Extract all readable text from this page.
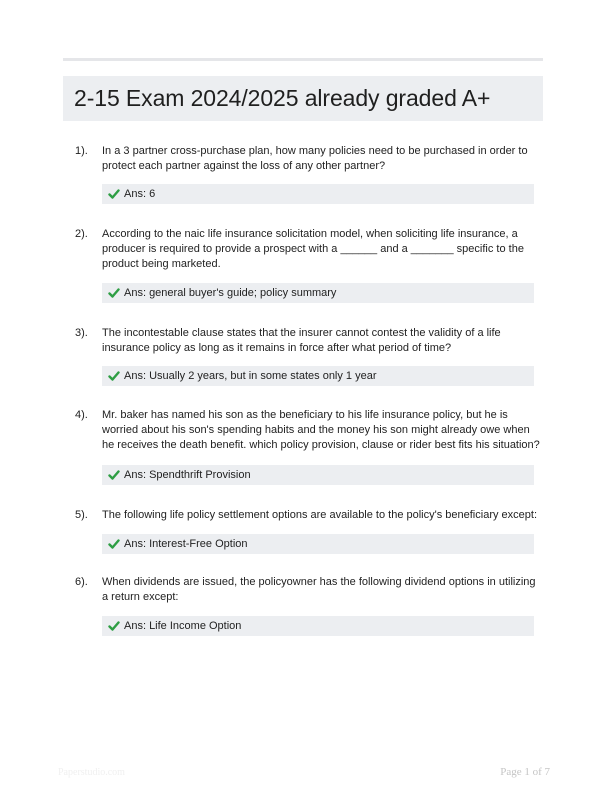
2-15 Exam 2024/2025 already graded A+
1). In a 3 partner cross-purchase plan, how many policies need to be purchased in order to protect each partner against the loss of any other partner?
Ans: 6
2). According to the naic life insurance solicitation model, when soliciting life insurance, a producer is required to provide a prospect with a ______ and a _______ specific to the product being marketed.
Ans: general buyer's guide; policy summary
3). The incontestable clause states that the insurer cannot contest the validity of a life insurance policy as long as it remains in force after what period of time?
Ans: Usually 2 years, but in some states only 1 year
4). Mr. baker has named his son as the beneficiary to his life insurance policy, but he is worried about his son's spending habits and the money his son might already owe when he receives the death benefit. which policy provision, clause or rider best fits his situation?
Ans: Spendthrift Provision
5). The following life policy settlement options are available to the policy's beneficiary except:
Ans: Interest-Free Option
6). When dividends are issued, the policyowner has the following dividend options in utilizing a return except:
Ans: Life Income Option
Paperstudio.com	Page 1 of 7
